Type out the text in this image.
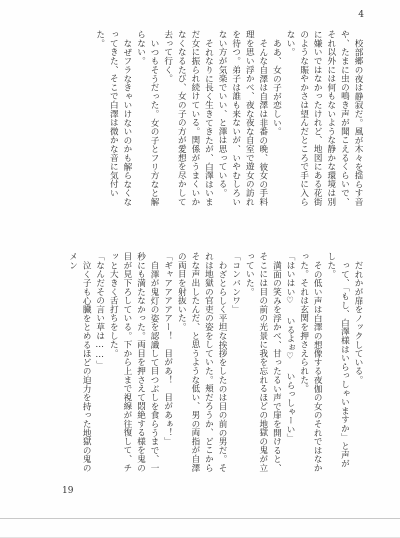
4

校部郷の夜は静寂だ。風が木々を揺らす音や、たまに虫の鳴き声が聞こえるくらいで、それ以外には何もないような静かな環境は別に嫌いではなかったけれど、地図にある花街のような賑やかさは望んだところで手に入らない。

ああ、女の子が恋しい。

そんな自澤は自澤は非番の晩、彼女の手料理を思い浮かべ、夜な夜な自室で遊女の訪れを待つ。弟子は誰も来ないが、いやむしろいない方が気楽でいい、と澤は思っている。

それなりに長く生きてきたが、白澤はいまだ女に振られ続けている。関係がうまくいかなくなるたび、女の子の方が愛想を尽かして去って行く。

いつもそうだった。女の子とフリ方なと解らない。

なぜフラなきゃいけないのかも解らなくなってきた、そこで白澤は微かな音に気付いた。

だれかが扉をノックしている。

って、「もし、白澤様はいらっしゃいますか」と声がした。

その低い声は白澤の想像する夜伽の女のそれではなかった。それは玄関を押さえられた。

「はいはい♡ いるよぉ♡ いらっしゃーい」

満面の笑みを浮かべ、甘ったるい声で扉を開けると、そこには目の前の光景に我を忘れるほどの地獄の鬼が立っていた。

「コンバンワ」

わざとらしく平坦な挨拶をしたのは目の前の男だ。それは地獄の官吏の姿をしていた。頬だろうか、どこからそな声出したんだ、と思うような低い、男の両指が自澤の両目を射抜いた。

「ギャアアアアアー！　目があ！　目があぁ！」

自澤が鬼灯の姿を認識して目つぶしを食らうまで、一秒にも満たなかった。両目を押さえて悶絶する様を鬼の目が見下ろしている。下から上まで視線が往復して、チッと大きく舌打ちをした。

「なんだその言い草は……」

泣く子も心臓をとめるほどの迫力を持った地獄の鬼のメン

19
